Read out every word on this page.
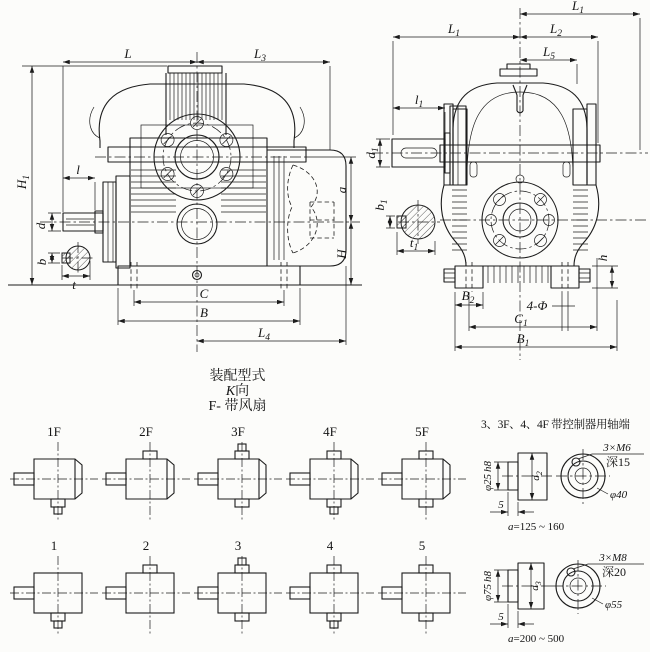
L	$L_3$
$H_1$
l
d
b
t
C
B
$L_4$
a
H
$L_1$
$L_1$	$L_2$
$L_5$
$l_1$
$d_1$
$b_1$
$t_1$
$B_2$	4-Φ
$C_1$
$B_1$
h
装配型式
K向
F- 带风扇
1F	2F	3F	4F	5F
1	2	3	4	5
3、3F、4、4F 带控制器用轴端
φ25h8
$d_2$
5
3×M6
深15
φ40
a=125 ~ 160
φ75h8
$d_3$
5
3×M8
深20
φ55
a=200 ~ 500
